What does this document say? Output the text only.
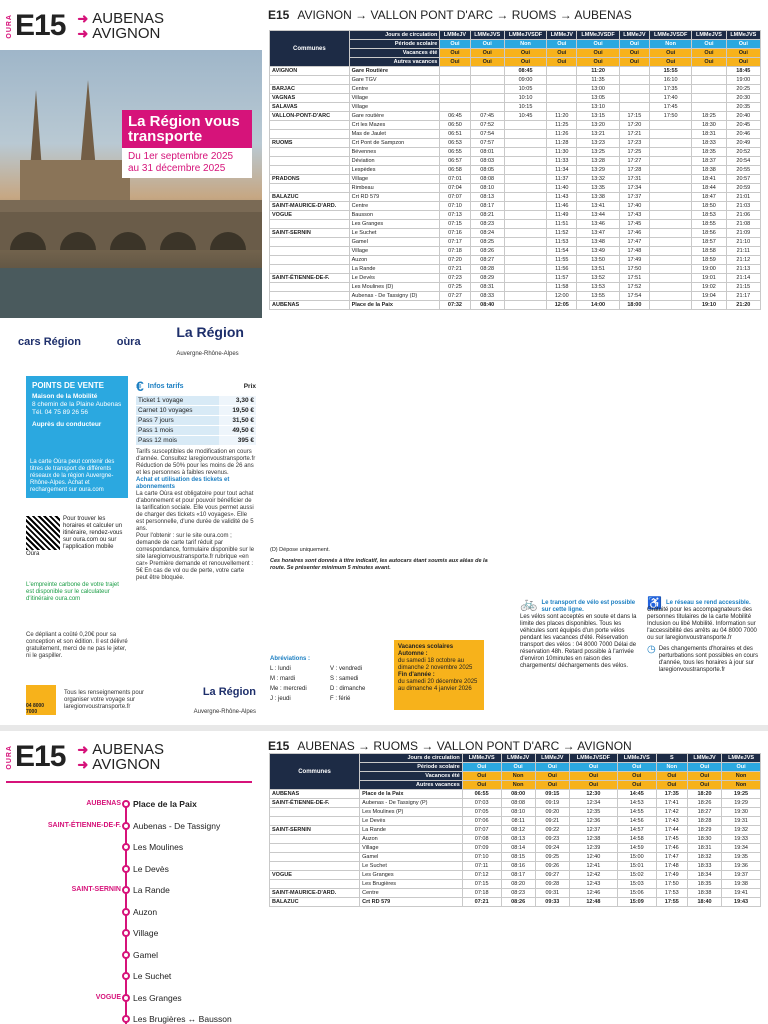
OURA E15 ➜ AUBENAS
➜ AVIGNON
La Région vous transporte
Du 1er septembre 2025 au 31 décembre 2025
cars Région	oùra
La Région
Auvergne-Rhône-Alpes
POINTS DE VENTE
Maison de la Mobilité
8 chemin de la Plaine Aubenas
Tél. 04 75 89 26 56
Auprès du conducteur
€ Infos tarifs	Prix
Ticket 1 voyage	3,30 €
Carnet 10 voyages	19,50 €
Pass 7 jours	31,50 €
Pass 1 mois	49,50 €
Pass 12 mois	395 €
Tarifs susceptibles de modification en cours d'année. Consultez laregionvoustransporte.fr
Réduction de 50% pour les moins de 26 ans et les personnes à faibles revenus.
Achat et utilisation des tickets et abonnements
La carte Oùra est obligatoire pour tout achat d'abonnement et pour pouvoir bénéficier de la tarification sociale. Elle vous permet aussi de charger des tickets «10 voyages». Elle est personnelle, d'une durée de validité de 5 ans.
Pour l'obtenir : sur le site oura.com ; demande de carte tarif réduit par correspondance, formulaire disponible sur le site laregionvoustransporte.fr rubrique «en car» Première demande et renouvellement : 5€ En cas de vol ou de perte, votre carte peut être bloquée.
La carte Oùra peut contenir des titres de transport de différents réseaux de la région Auvergne-Rhône-Alpes. Achat et rechargement sur oura.com
Pour trouver les horaires et calculer un itinéraire, rendez-vous sur oura.com ou sur l'application mobile Oùra
L'empreinte carbone de votre trajet est disponible sur le calculateur d'itinéraire oura.com
Ce dépliant a coûté 0,20€ pour sa conception et son édition. Il est délivré gratuitement, merci de ne pas le jeter, ni le gaspiller.
04 8000 7000
Tous les renseignements pour organiser votre voyage sur laregionvoustransporte.fr
La Région
Auvergne-Rhône-Alpes
E15 AVIGNON → VALLON PONT D'ARC → RUOMS → AUBENAS
Communes	Jours de circulation	LMMeJV	LMMeJVS	LMMeJVSDF	LMMeJV	LMMeJVSDF	LMMeJV	LMMeJVSDF	LMMeJVS	LMMeJVS
	Période scolaire	Oui	Oui	Non	Oui	Oui	Oui	Non	Oui	Oui
	Vacances été	Oui	Oui	Oui	Oui	Oui	Oui	Oui	Oui	Oui
	Autres vacances	Oui	Oui	Oui	Oui	Oui	Oui	Oui	Oui	Oui
AVIGNON	Gare Routière			08:45		11:20		15:55		18:45
	Gare TGV			09:00		11:35		16:10		19:00
BARJAC	Centre			10:05		13:00		17:35		20:25
VAGNAS	Village			10:10		13:05		17:40		20:30
SALAVAS	Village			10:15		13:10		17:45		20:35
VALLON-PONT-D'ARC	Gare routière	06:45	07:45	10:45	11:20	13:15	17:15	17:50	18:25	20:40
	Crt les Mazes	06:50	07:52		11:25	13:20	17:20		18:30	20:45
	Mas de Jaulet	06:51	07:54		11:26	13:21	17:21		18:31	20:46
RUOMS	Crt Pont de Sampzon	06:53	07:57		11:28	13:23	17:23		18:33	20:49
	Bévennes	06:55	08:01		11:30	13:25	17:25		18:35	20:52
	Déviation	06:57	08:03		11:33	13:28	17:27		18:37	20:54
	Lespèdes	06:58	08:05		11:34	13:29	17:28		18:38	20:55
PRADONS	Village	07:01	08:08		11:37	13:32	17:31		18:41	20:57
	Rimbeau	07:04	08:10		11:40	13:35	17:34		18:44	20:59
BALAZUC	Crt RD 579	07:07	08:13		11:43	13:38	17:37		18:47	21:01
SAINT-MAURICE-D'ARD.	Centre	07:10	08:17		11:46	13:41	17:40		18:50	21:03
VOGUE	Bausson	07:13	08:21		11:49	13:44	17:43		18:53	21:06
	Les Granges	07:15	08:23		11:51	13:46	17:45		18:55	21:08
SAINT-SERNIN	Le Suchet	07:16	08:24		11:52	13:47	17:46		18:56	21:09
	Gamel	07:17	08:25		11:53	13:48	17:47		18:57	21:10
	Village	07:18	08:26		11:54	13:49	17:48		18:58	21:11
	Auzon	07:20	08:27		11:55	13:50	17:49		18:59	21:12
	La Rande	07:21	08:28		11:56	13:51	17:50		19:00	21:13
SAINT-ÉTIENNE-DE-F.	Le Devès	07:23	08:29		11:57	13:52	17:51		19:01	21:14
	Les Moulines (D)	07:25	08:31		11:58	13:53	17:52		19:02	21:15
	Aubenas - De Tassigny (D)	07:27	08:33		12:00	13:55	17:54		19:04	21:17
AUBENAS	Place de la Paix	07:32	08:40		12:05	14:00	18:00		19:10	21:20
(D) Dépose uniquement.
Ces horaires sont donnés à titre indicatif, les autocars étant soumis aux aléas de la route. Se présenter minimum 5 minutes avant.
Abréviations :
L : lundi	V : vendredi
M : mardi	S : samedi
Me : mercredi	D : dimanche
J : jeudi	F : férié
Vacances scolaires
Automne :
du samedi 18 octobre au dimanche 2 novembre 2025
Fin d'année :
du samedi 20 décembre 2025 au dimanche 4 janvier 2026
🚲 Le transport de vélo est possible sur cette ligne.
Les vélos sont acceptés en soute et dans la limite des places disponibles. Tous les véhicules sont équipés d'un porte vélos pendant les vacances d'été. Réservation transport des vélos : 04 8000 7000 Délai de réservation 48h. Retard possible à l'arrivée d'environ 10minutes en raison des chargements/ déchargements des vélos.
♿ Le réseau se rend accessible.
Gratuité pour les accompagnateurs des personnes titulaires de la carte Mobilité Inclusion ou libé Mobilité. Information sur l'accessibilité des arrêts au 04 8000 7000 ou sur laregionvoustransporte.fr
◷ Des changements d'horaires et des perturbations sont possibles en cours d'année, tous les horaires à jour sur laregionvoustransporte.fr
OURA E15 ➜ AUBENAS
➜ AVIGNON
AUBENAS Place de la Paix
SAINT-ÉTIENNE-DE-F. Aubenas - De Tassigny
Les Moulines
Le Devès
SAINT-SERNIN La Rande
Auzon
Village
Gamel
Le Suchet
VOGUE Les Granges
Les Brugières ↔ Bausson
E15 AUBENAS → RUOMS → VALLON PONT D'ARC → AVIGNON
Communes	Jours de circulation	LMMeJVS	LMMeJV	LMMeJV	LMMeJVSDF	LMMeJVS	S	LMMeJV	LMMeJVS
	Période scolaire	Oui	Oui	Oui	Oui	Oui	Non	Oui	Oui
	Vacances été	Oui	Non	Oui	Oui	Oui	Oui	Oui	Non
	Autres vacances	Oui	Non	Oui	Oui	Oui	Oui	Oui	Non
AUBENAS	Place de la Paix	06:55	08:00	09:15	12:30	14:45	17:35	18:20	19:25
SAINT-ÉTIENNE-DE-F.	Aubenas - De Tassigny (P)	07:03	08:08	09:19	12:34	14:53	17:41	18:26	19:29
	Les Moulines (P)	07:05	08:10	09:20	12:35	14:55	17:42	18:27	19:30
	Le Devès	07:06	08:11	09:21	12:36	14:56	17:43	18:28	19:31
SAINT-SERNIN	La Rande	07:07	08:12	09:22	12:37	14:57	17:44	18:29	19:32
	Auzon	07:08	08:13	09:23	12:38	14:58	17:45	18:30	19:33
	Village	07:09	08:14	09:24	12:39	14:59	17:46	18:31	19:34
	Gamel	07:10	08:15	09:25	12:40	15:00	17:47	18:32	19:35
	Le Suchet	07:11	08:16	09:26	12:41	15:01	17:48	18:33	19:36
VOGUE	Les Granges	07:12	08:17	09:27	12:42	15:02	17:49	18:34	19:37
	Les Brugières	07:15	08:20	09:28	12:43	15:03	17:50	18:35	19:38
SAINT-MAURICE-D'ARD.	Centre	07:18	08:23	09:31	12:46	15:06	17:53	18:38	19:41
BALAZUC	Crt RD 579	07:21	08:26	09:33	12:48	15:09	17:55	18:40	19:43
